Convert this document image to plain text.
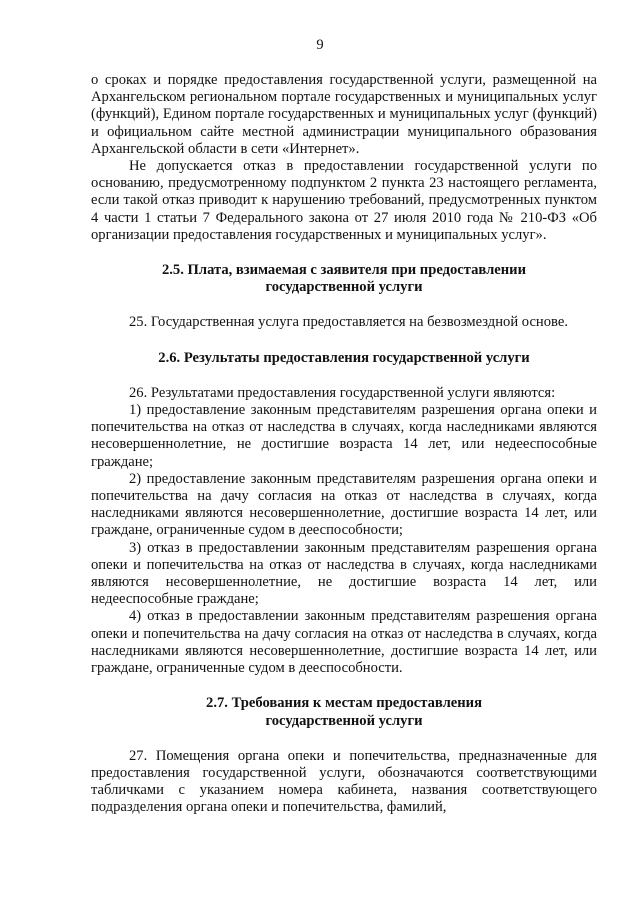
9

о сроках и порядке предоставления государственной услуги, размещенной на Архангельском региональном портале государственных и муниципальных услуг (функций), Едином портале государственных и муниципальных услуг (функций) и официальном сайте местной администрации муниципального образования Архангельской области в сети «Интернет».

Не допускается отказ в предоставлении государственной услуги по основанию, предусмотренному подпунктом 2 пункта 23 настоящего регламента, если такой отказ приводит к нарушению требований, предусмотренных пунктом 4 части 1 статьи 7 Федерального закона от 27 июля 2010 года № 210-ФЗ «Об организации предоставления государственных и муниципальных услуг».

2.5. Плата, взимаемая с заявителя при предоставлении
государственной услуги

25. Государственная услуга предоставляется на безвозмездной основе.

2.6. Результаты предоставления государственной услуги

26. Результатами предоставления государственной услуги являются:

1) предоставление законным представителям разрешения органа опеки и попечительства на отказ от наследства в случаях, когда наследниками являются несовершеннолетние, не достигшие возраста 14 лет, или недееспособные граждане;

2) предоставление законным представителям разрешения органа опеки и попечительства на дачу согласия на отказ от наследства в случаях, когда наследниками являются несовершеннолетние, достигшие возраста 14 лет, или граждане, ограниченные судом в дееспособности;

3) отказ в предоставлении законным представителям разрешения органа опеки и попечительства на отказ от наследства в случаях, когда наследниками являются несовершеннолетние, не достигшие возраста 14 лет, или недееспособные граждане;

4) отказ в предоставлении законным представителям разрешения органа опеки и попечительства на дачу согласия на отказ от наследства в случаях, когда наследниками являются несовершеннолетние, достигшие возраста 14 лет, или граждане, ограниченные судом в дееспособности.

2.7. Требования к местам предоставления
государственной услуги

27. Помещения органа опеки и попечительства, предназначенные для предоставления государственной услуги, обозначаются соответствующими табличками с указанием номера кабинета, названия соответствующего подразделения органа опеки и попечительства, фамилий,
